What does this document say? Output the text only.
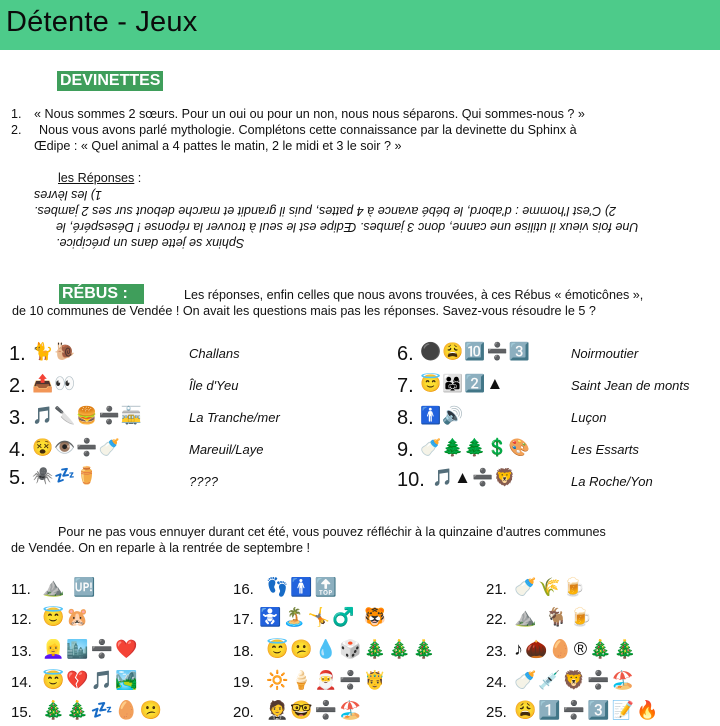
Détente - Jeux
DEVINETTES
1. « Nous sommes 2 sœurs. Pour un oui ou pour un non, nous nous séparons. Qui sommes-nous ? »
2. Nous vous avons parlé mythologie. Complétons cette connaissance par la devinette du Sphinx à
Œdipe : « Quel animal a 4 pattes le matin, 2 le midi et 3 le soir ? »
les Réponses :
1) les lèvres
2) C'est l'homme : d'abord, le bébé avance à 4 pattes, puis il grandit et marche debout sur ses 2 jambes.
Une fois vieux il utilise une canne, donc 3 jambes. Œdipe est le seul à trouver la réponse ! Désespéré, le
Sphinx se jette dans un précipice.
RÉBUS :	Les réponses, enfin celles que nous avons trouvées, à ces Rébus « émoticônes »,
de 10 communes de Vendée ! On avait les questions mais pas les réponses. Savez-vous résoudre le 5 ?
1. 🐈🐌	Challans
2. 📤👀	Île d'Yeu
3. 🎵🔪🍔➗🚋	La Tranche/mer
4. 😵👁️➗🍼	Mareuil/Laye
5. 🕷️💤⚱️	????
6. ⚫😩🔟➗3️⃣	Noirmoutier
7. 😇👨‍👩‍👧2️⃣▲	Saint Jean de monts
8. 🚹🔊	Luçon
9. 🍼🌲🌲💲🎨	Les Essarts
10. 🎵▲➗🦁	La Roche/Yon
Pour ne pas vous ennuyer durant cet été, vous pouvez réfléchir à la quinzaine d'autres communes
de Vendée. On en reparle à la rentrée de septembre !
11. ⛰️ 🆙
12. 😇🐹
13. 👱‍♀️🏙️➗❤️
14. 😇💔🎵🏞️
15. 🎄🎄💤🥚😕
16. 👣🚹🔝
17. 🚼🏝️🤸♂️ 🐯
18. 😇😕💧🎲🎄🎄🎄
19. 🔆🍦🎅➗🤴
20. 🤵🤓➗🏖️
21. 🍼🌾🍺
22. ⛰️ 🐐🍺
23. ♪🌰🥚®🎄🎄
24. 🍼💉🦁➗🏖️
25. 😩1️⃣➗3️⃣📝🔥
